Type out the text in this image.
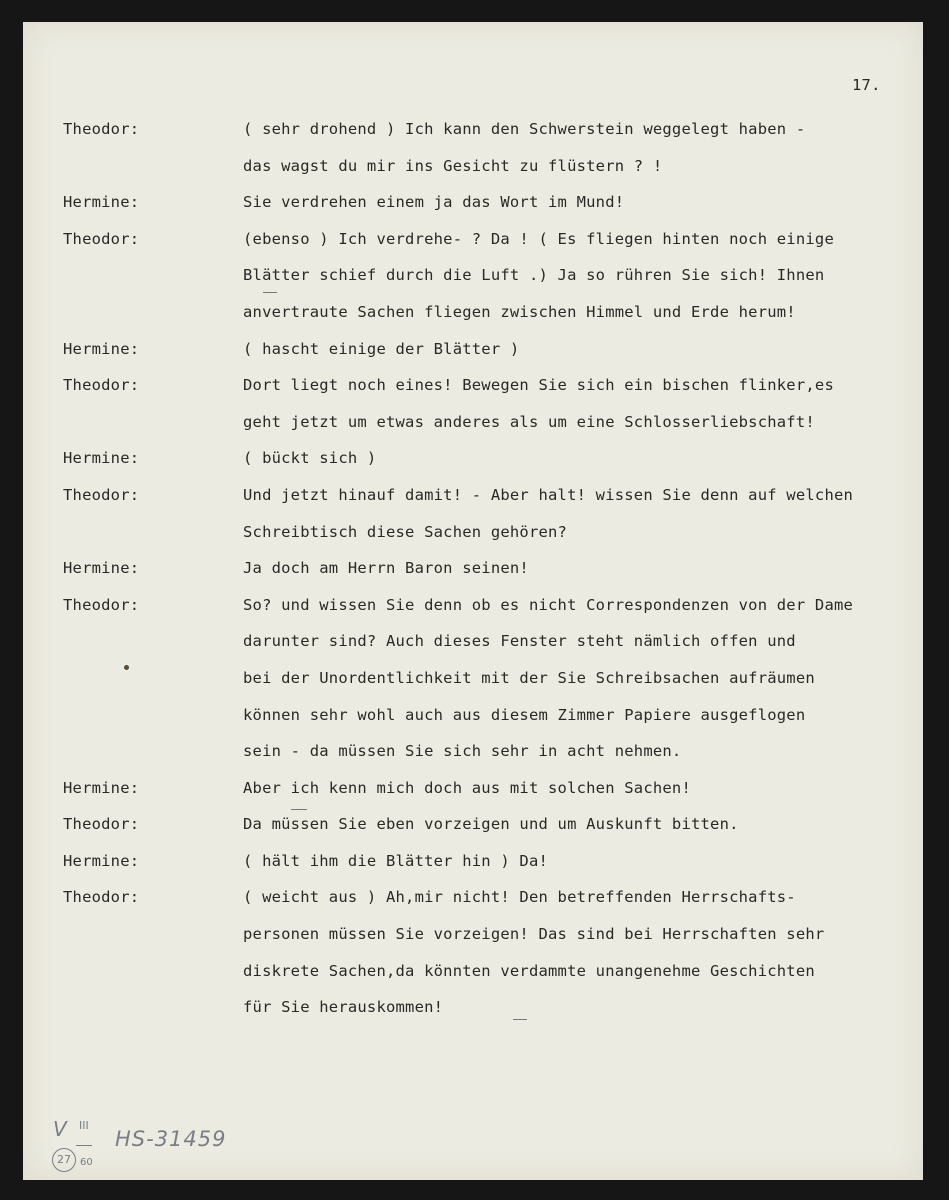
17.
Theodor:	( sehr drohend ) Ich kann den Schwerstein weggelegt haben -
das wagst du mir ins Gesicht zu flüstern ? !
Hermine:	Sie verdrehen einem ja das Wort im Mund!
Theodor:	(ebenso ) Ich verdrehe- ? Da ! ( Es fliegen hinten noch einige
Blätter schief durch die Luft .) Ja so rühren Sie sich! Ihnen
anvertraute Sachen fliegen zwischen Himmel und Erde herum!
Hermine:	( hascht einige der Blätter )
Theodor:	Dort liegt noch eines! Bewegen Sie sich ein bischen flinker,es
geht jetzt um etwas anderes als um eine Schlosserliebschaft!
Hermine:	( bückt sich )
Theodor:	Und jetzt hinauf damit! - Aber halt! wissen Sie denn auf welchen
Schreibtisch diese Sachen gehören?
Hermine:	Ja doch am Herrn Baron seinen!
Theodor:	So? und wissen Sie denn ob es nicht Correspondenzen von der Dame
darunter sind? Auch dieses Fenster steht nämlich offen und
bei der Unordentlichkeit mit der Sie Schreibsachen aufräumen
können sehr wohl auch aus diesem Zimmer Papiere ausgeflogen
sein - da müssen Sie sich sehr in acht nehmen.
Hermine:	Aber ich kenn mich doch aus mit solchen Sachen!
Theodor:	Da müssen Sie eben vorzeigen und um Auskunft bitten.
Hermine:	( hält ihm die Blätter hin ) Da!
Theodor:	( weicht aus ) Ah,mir nicht! Den betreffenden Herrschafts-
personen müssen Sie vorzeigen! Das sind bei Herrschaften sehr
diskrete Sachen,da könnten verdammte unangenehme Geschichten
für Sie herauskommen!
V III
27 60
HS-31459
